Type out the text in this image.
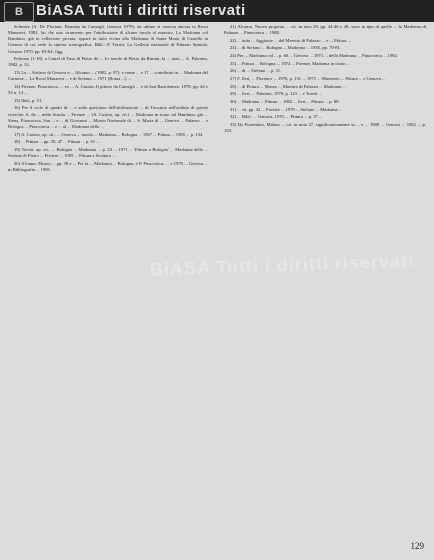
B BiASA Tutti i diritti riservati

Schwarz (A. De Floriani, Barnaba da Camogli, Genova 1979); da ultimo si osserva ancora in Rossi Manaresi, 1982, lui che uno strumento per l'attribuzione di alcune tavole al maestro. La Madonna col Bambino, già in collezione privata, appare in tutto vicina alla Madonna di Santa Maria di Castello in Genova di cui vede la ripresa iconografica. Bibl.: P. Torriti, La Galleria nazionale di Palazzo Spinola, Genova 1970, pp. 63-64; figg.

Palermo (1-18): a Castel di Tusa di Pietro de ... Le tavole di Pietro da Rimini, la ... nota ... A. Palermo, 1982, p. 33.

13) La ... Stefano di Genova e ... Alcamo ... (1982, p. 87); e come ... e 17 ... contributo in ... Madonna del Carmine ... La Rossi Manaresi ... e di Stefano ... 1971 (Roma ...) ...

14) Firenze, Pinacoteca, ... ex ... A. Castria, Il pittore da Camogli ... e di San Bartolomeo, 1978, pp. 44 e 53 n. 14 ...

15) Ibid., p. 51.

16) Per il ciclo di quadri di ... e sulla questione dell'attribuzione ... di Tuscania nell'ambito di queste ricerche: A. de ... nella Scuola ... Firenze ... (A. Castria, op. cit.) ... Madonna in trono col Bambino, già ... Siena, Pinacoteca, San ... e ... di Giovanni ... Museo Nazionale di ... S. Maria di ... Genova ... Palazzo ... e Bologna ... Pinacoteca ... e ... al ... Madonna della ...

17) A. Castria, op. cit., ... Genova ... tavola ... Madonna ... Bologna ... 1967 ... Pittura ... 1985 ... p. 134.

18) ... Pittura ... pp. 35, 47 ... Pittura ... p. 61 ...

19) Torriti, op. cit., ... Bologna ... Madonna ... p. 23 ... 1971 ... 'Pittura a Bologna' ... Madonna della ... Stefano di Pietro ... Firenze ... 1985 ... Pittura e Scultura ...

20) Alcamo, Museo ... pp. 38 e ... Per la ... Madonna ... Bologna, e P. Pinacoteca, ... e 1979 ... Genova ... in Bibliografia ... 1985.

21) Alcamo, Nuova proposta ... cit. in nota 20, pp. 44-46 e 48, sono in tipo di quelle ... la Madonna di Palazzo ... Pinacoteca ... 1988.

22) ... tutto ... Aggiunte ... del Maestro di Palazzo ... e ... Pittura ...

23) ... di Stefano ... Bologna ... Madonna ... 1985, pp. 79-81.

24) Per ... Madonna col ... p. 60 ... Genova ... 1971 ... della Madonna ... Pinacoteca ... 1982.

25) ... Pittura ... Bologna ... 1974 ... Firenze, Madonna in trono ...

26) ... di ... Stefano ... p. 31.

27) F. Zeri, ... Florence ... 1976, p. 131 ... 1971 ... Ministero ... Pittura ... e Genova ...

28) ... di Pittura ... Museo ... Maestro di Palazzo ... Madonna ...

29) ... Zeri, ... Palermo, 1979, p. 123 ... e Torriti ...

30) ... Madonna ... Pittura ... 1982 ... Zeri ... Pittura ... p. 89.

31) ... cit. pp. 42 ... Firenze ... 1978 ... Stefano ... Madonna ...

32) ... Bibl.: ... Genova, 1970, ... Pittura ... p. 37 ...

33) Da Fiorentino, Milano ... cit. in nota 27, significativamente la ... e ... 1980 ... Genova ... 1982 ... p. 150.

BiASA Tutti i diritti riservati
129
